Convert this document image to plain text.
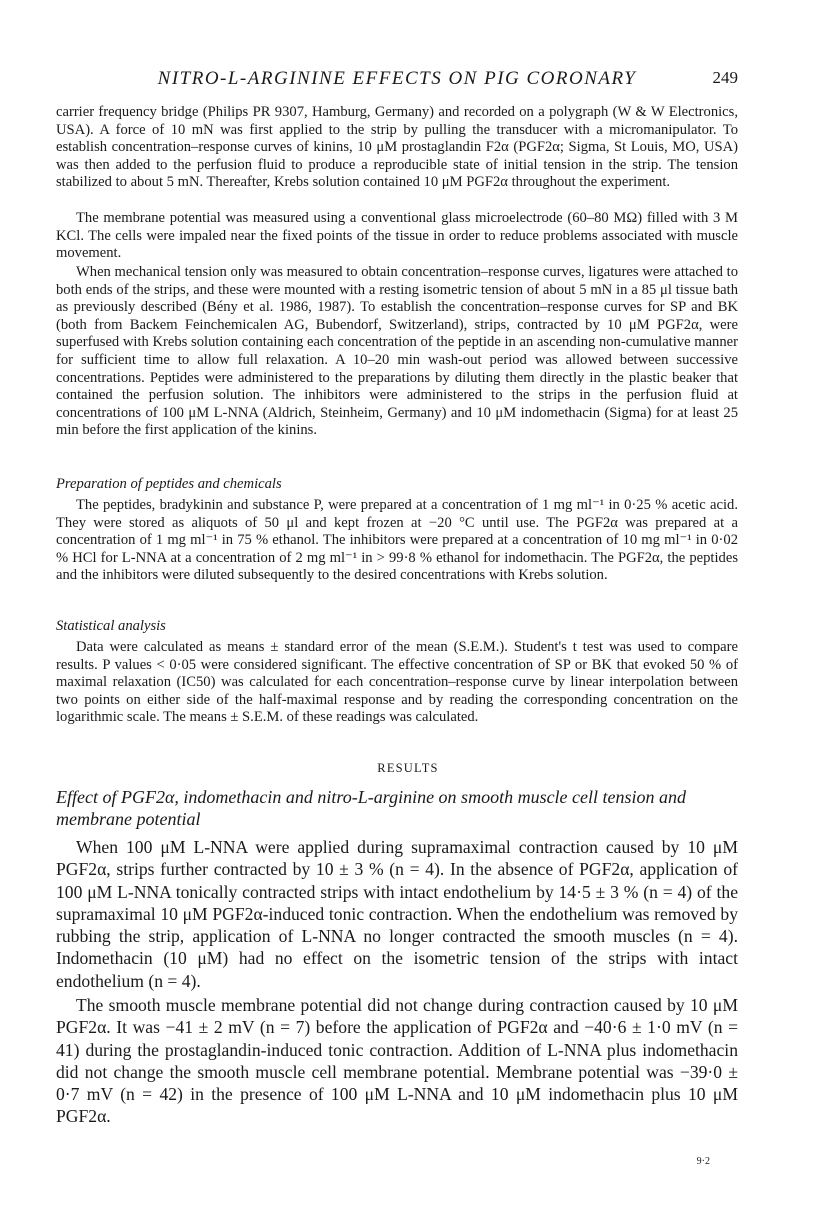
NITRO-L-ARGININE EFFECTS ON PIG CORONARY	249

carrier frequency bridge (Philips PR 9307, Hamburg, Germany) and recorded on a polygraph (W & W Electronics, USA). A force of 10 mN was first applied to the strip by pulling the transducer with a micromanipulator. To establish concentration–response curves of kinins, 10 μM prostaglandin F2α (PGF2α; Sigma, St Louis, MO, USA) was then added to the perfusion fluid to produce a reproducible state of initial tension in the strip. The tension stabilized to about 5 mN. Thereafter, Krebs solution contained 10 μM PGF2α throughout the experiment.

The membrane potential was measured using a conventional glass microelectrode (60–80 MΩ) filled with 3 M KCl. The cells were impaled near the fixed points of the tissue in order to reduce problems associated with muscle movement.

When mechanical tension only was measured to obtain concentration–response curves, ligatures were attached to both ends of the strips, and these were mounted with a resting isometric tension of about 5 mN in a 85 μl tissue bath as previously described (Bény et al. 1986, 1987). To establish the concentration–response curves for SP and BK (both from Backem Feinchemicalen AG, Bubendorf, Switzerland), strips, contracted by 10 μM PGF2α, were superfused with Krebs solution containing each concentration of the peptide in an ascending non-cumulative manner for sufficient time to allow full relaxation. A 10–20 min wash-out period was allowed between successive concentrations. Peptides were administered to the preparations by diluting them directly in the plastic beaker that contained the perfusion solution. The inhibitors were administered to the strips in the perfusion fluid at concentrations of 100 μM L-NNA (Aldrich, Steinheim, Germany) and 10 μM indomethacin (Sigma) for at least 25 min before the first application of the kinins.

Preparation of peptides and chemicals

The peptides, bradykinin and substance P, were prepared at a concentration of 1 mg ml⁻¹ in 0·25 % acetic acid. They were stored as aliquots of 50 μl and kept frozen at −20 °C until use. The PGF2α was prepared at a concentration of 1 mg ml⁻¹ in 75 % ethanol. The inhibitors were prepared at a concentration of 10 mg ml⁻¹ in 0·02 % HCl for L-NNA at a concentration of 2 mg ml⁻¹ in > 99·8 % ethanol for indomethacin. The PGF2α, the peptides and the inhibitors were diluted subsequently to the desired concentrations with Krebs solution.

Statistical analysis

Data were calculated as means ± standard error of the mean (S.E.M.). Student's t test was used to compare results. P values < 0·05 were considered significant. The effective concentration of SP or BK that evoked 50 % of maximal relaxation (IC50) was calculated for each concentration–response curve by linear interpolation between two points on either side of the half-maximal response and by reading the corresponding concentration on the logarithmic scale. The means ± S.E.M. of these readings was calculated.

RESULTS

Effect of PGF2α, indomethacin and nitro-L-arginine on smooth muscle cell tension and membrane potential

When 100 μM L-NNA were applied during supramaximal contraction caused by 10 μM PGF2α, strips further contracted by 10 ± 3 % (n = 4). In the absence of PGF2α, application of 100 μM L-NNA tonically contracted strips with intact endothelium by 14·5 ± 3 % (n = 4) of the supramaximal 10 μM PGF2α-induced tonic contraction. When the endothelium was removed by rubbing the strip, application of L-NNA no longer contracted the smooth muscles (n = 4). Indomethacin (10 μM) had no effect on the isometric tension of the strips with intact endothelium (n = 4).

The smooth muscle membrane potential did not change during contraction caused by 10 μM PGF2α. It was −41 ± 2 mV (n = 7) before the application of PGF2α and −40·6 ± 1·0 mV (n = 41) during the prostaglandin-induced tonic contraction. Addition of L-NNA plus indomethacin did not change the smooth muscle cell membrane potential. Membrane potential was −39·0 ± 0·7 mV (n = 42) in the presence of 100 μM L-NNA and 10 μM indomethacin plus 10 μM PGF2α.

9·2
